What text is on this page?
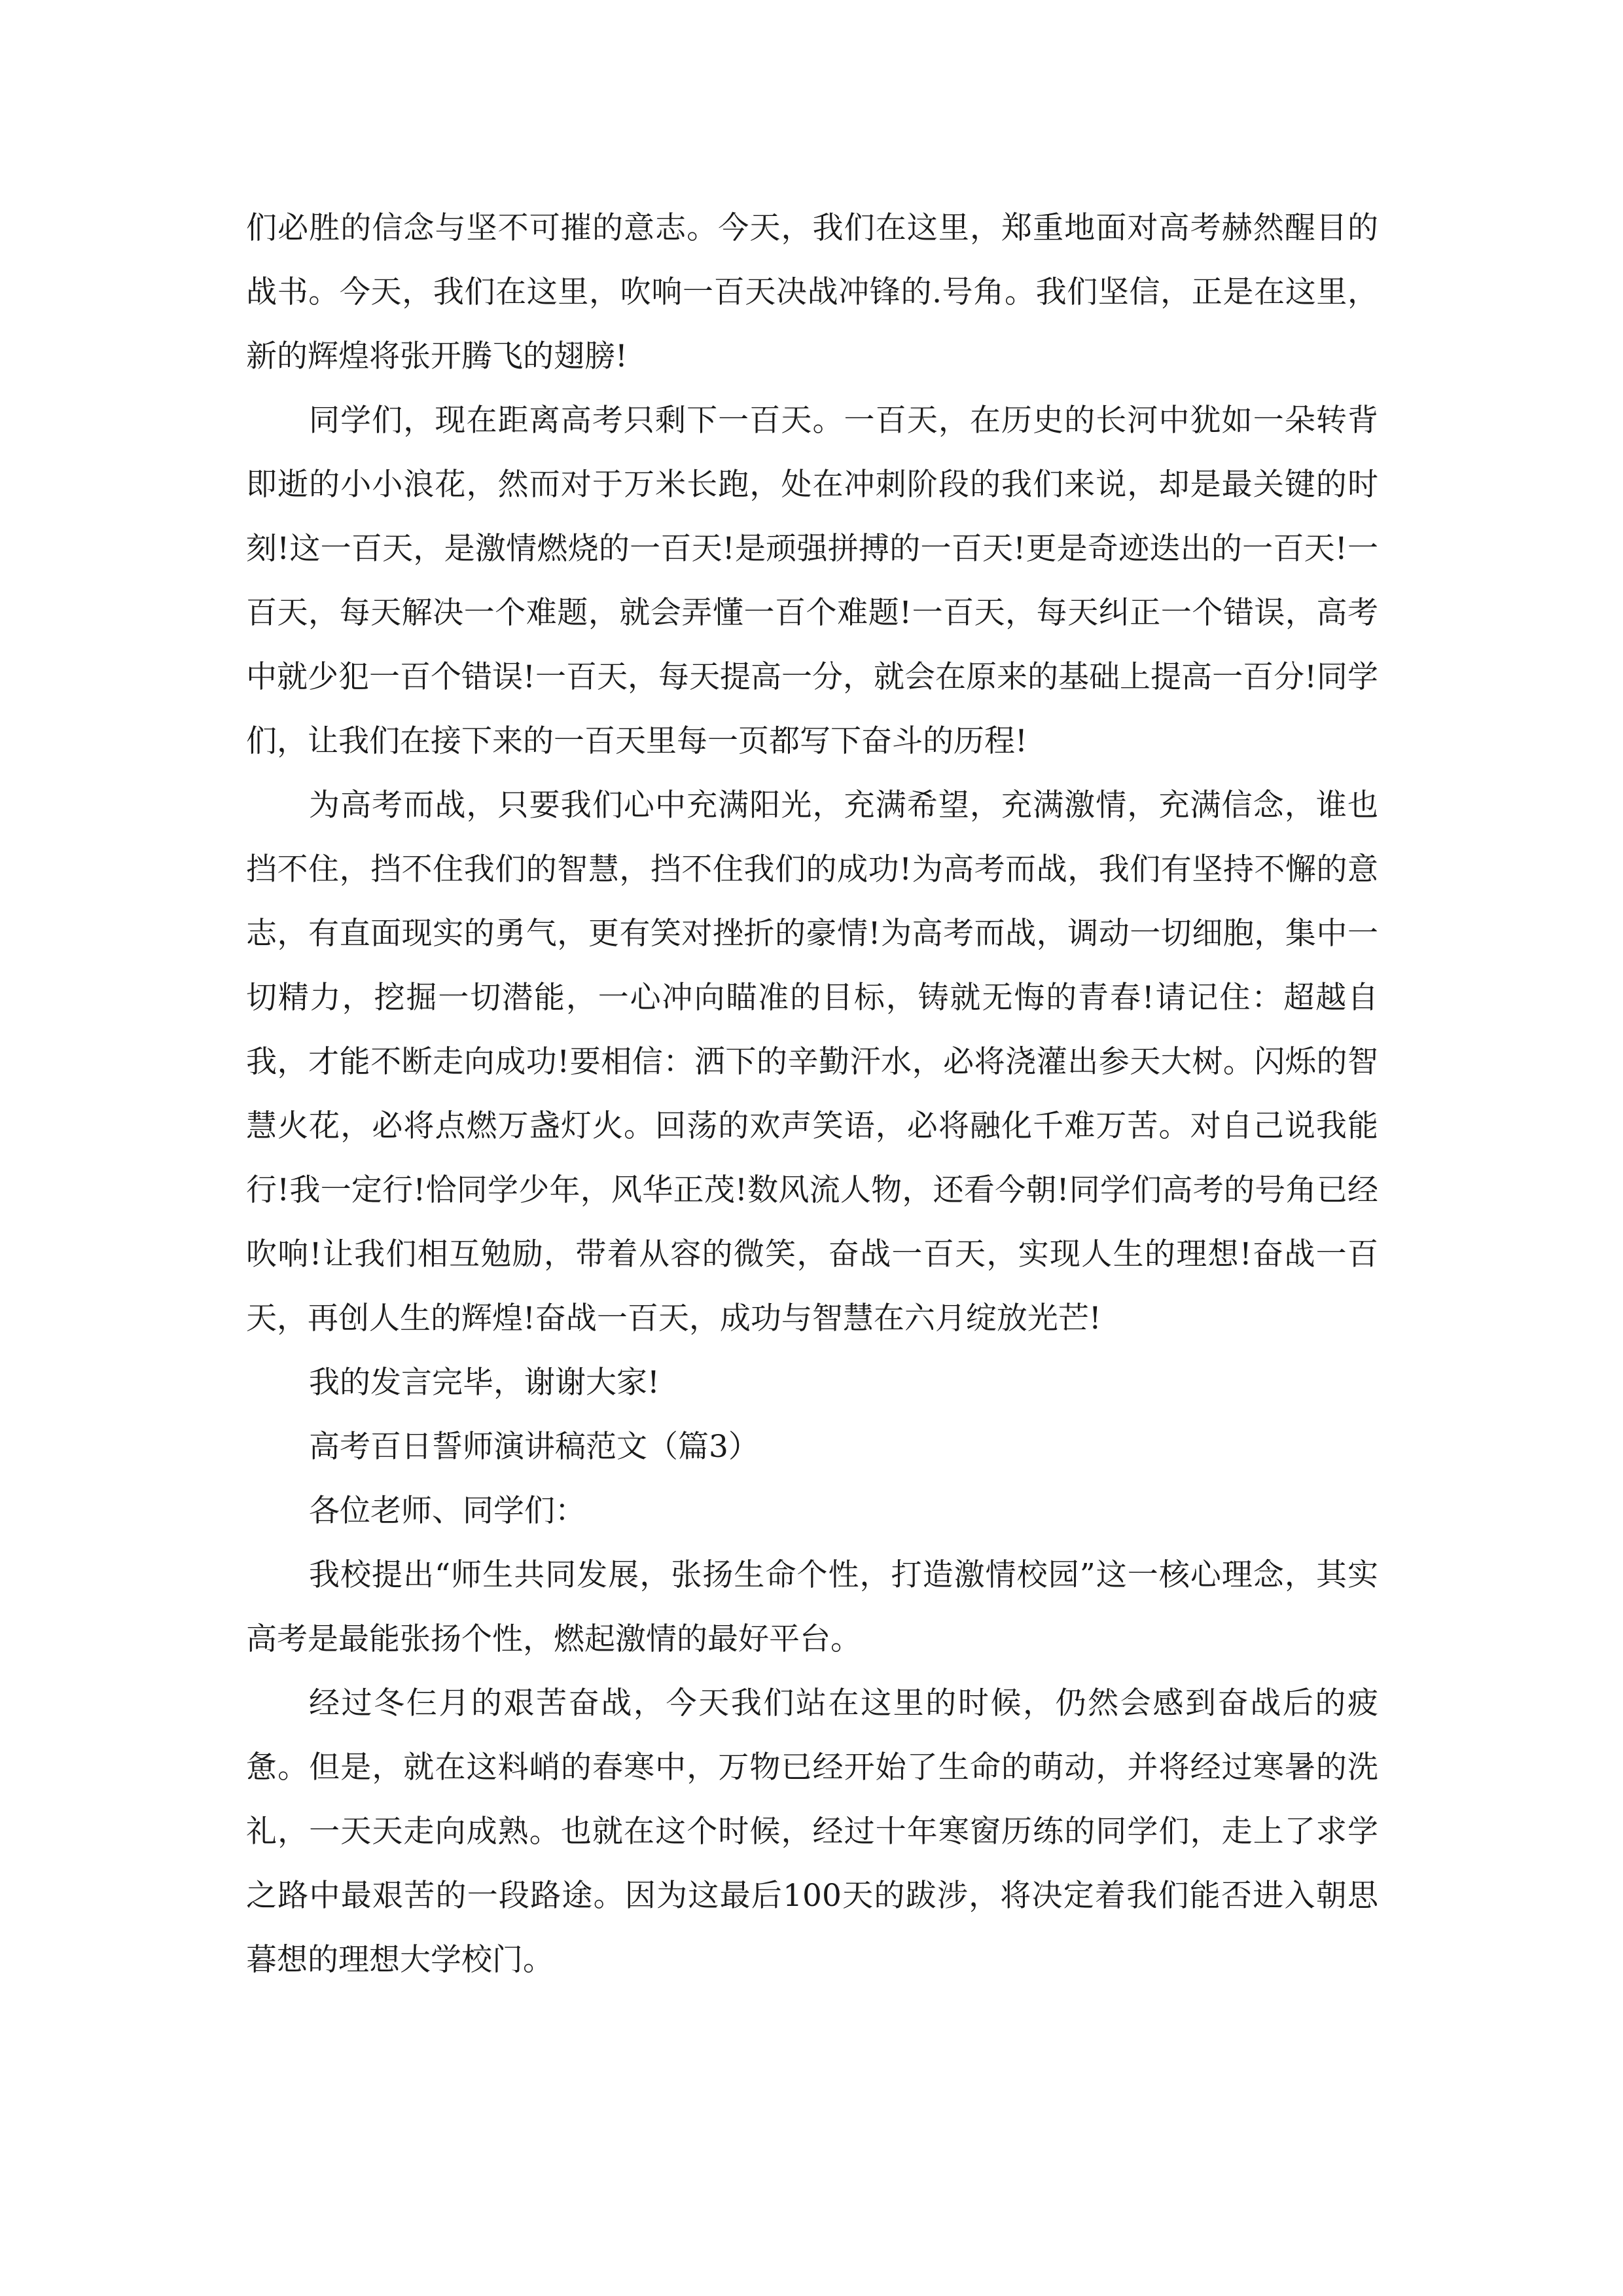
们必胜的信念与坚不可摧的意志。今天，我们在这里，郑重地面对高考赫然醒目的战书。今天，我们在这里，吹响一百天决战冲锋的.号角。我们坚信，正是在这里，新的辉煌将张开腾飞的翅膀!

同学们，现在距离高考只剩下一百天。一百天，在历史的长河中犹如一朵转背即逝的小小浪花，然而对于万米长跑，处在冲刺阶段的我们来说，却是最关键的时刻!这一百天，是激情燃烧的一百天!是顽强拼搏的一百天!更是奇迹迭出的一百天!一百天，每天解决一个难题，就会弄懂一百个难题!一百天，每天纠正一个错误，高考中就少犯一百个错误!一百天，每天提高一分，就会在原来的基础上提高一百分!同学们，让我们在接下来的一百天里每一页都写下奋斗的历程!

为高考而战，只要我们心中充满阳光，充满希望，充满激情，充满信念，谁也挡不住，挡不住我们的智慧，挡不住我们的成功!为高考而战，我们有坚持不懈的意志，有直面现实的勇气，更有笑对挫折的豪情!为高考而战，调动一切细胞，集中一切精力，挖掘一切潜能，一心冲向瞄准的目标，铸就无悔的青春!请记住：超越自我，才能不断走向成功!要相信：洒下的辛勤汗水，必将浇灌出参天大树。闪烁的智慧火花，必将点燃万盏灯火。回荡的欢声笑语，必将融化千难万苦。对自己说我能行!我一定行!恰同学少年，风华正茂!数风流人物，还看今朝!同学们高考的号角已经吹响!让我们相互勉励，带着从容的微笑，奋战一百天，实现人生的理想!奋战一百天，再创人生的辉煌!奋战一百天，成功与智慧在六月绽放光芒!

我的发言完毕，谢谢大家!

高考百日誓师演讲稿范文（篇3）

各位老师、同学们：

我校提出“师生共同发展，张扬生命个性，打造激情校园”这一核心理念，其实高考是最能张扬个性，燃起激情的最好平台。

经过冬仨月的艰苦奋战，今天我们站在这里的时候，仍然会感到奋战后的疲惫。但是，就在这料峭的春寒中，万物已经开始了生命的萌动，并将经过寒暑的洗礼，一天天走向成熟。也就在这个时候，经过十年寒窗历练的同学们，走上了求学之路中最艰苦的一段路途。因为这最后100天的跋涉，将决定着我们能否进入朝思暮想的理想大学校门。
